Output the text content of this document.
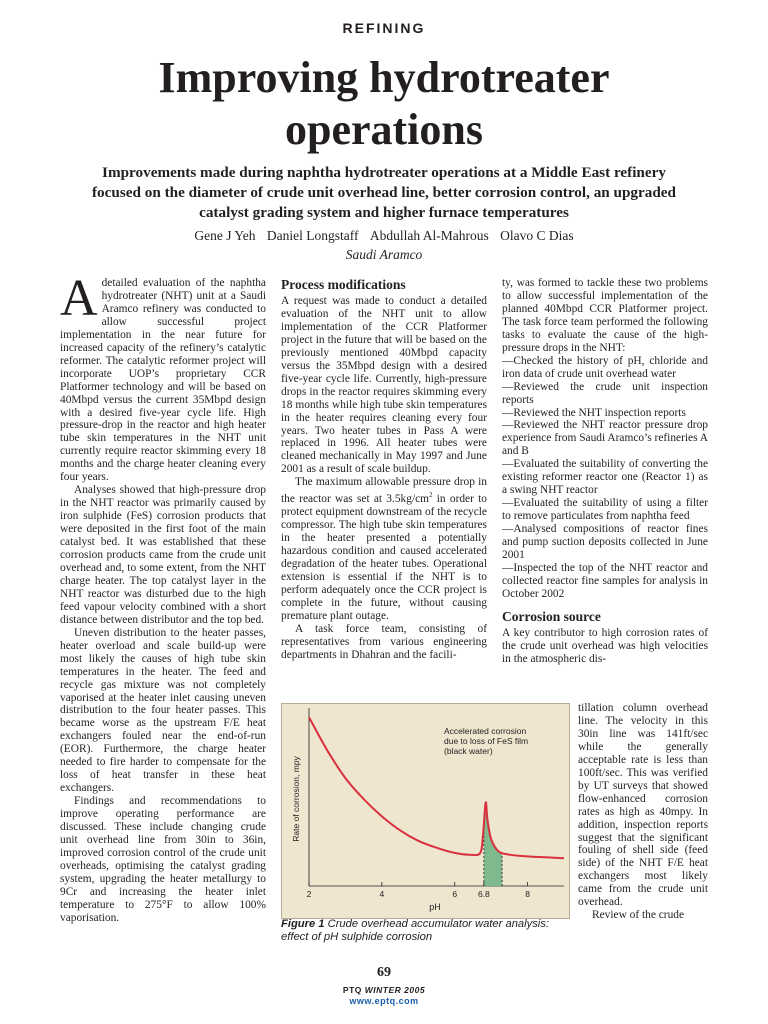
REFINING
Improving hydrotreater
operations
Improvements made during naphtha hydrotreater operations at a Middle East refinery focused on the diameter of crude unit overhead line, better corrosion control, an upgraded catalyst grading system and higher furnace temperatures
Gene J Yeh Daniel Longstaff Abdullah Al-Mahrous Olavo C Dias
Saudi Aramco

Adetailed evaluation of the naphtha hydrotreater (NHT) unit at a Saudi Aramco refinery was conducted to allow successful project implementation in the near future for increased capacity of the refinery’s catalytic reformer. The catalytic reformer project will incorporate UOP’s proprietary CCR Platformer technology and will be based on 40Mbpd versus the current 35Mbpd design with a desired five-year cycle life. High pressure-drop in the reactor and high heater tube skin temperatures in the NHT unit currently require reactor skimming every 18 months and the charge heater cleaning every four years.

Analyses showed that high-pressure drop in the NHT reactor was primarily caused by iron sulphide (FeS) corrosion products that were deposited in the first foot of the main catalyst bed. It was established that these corrosion products came from the crude unit overhead and, to some extent, from the NHT charge heater. The top catalyst layer in the NHT reactor was disturbed due to the high feed vapour velocity combined with a short distance between distributor and the top bed.

Uneven distribution to the heater passes, heater overload and scale build-up were most likely the causes of high tube skin temperatures in the heater. The feed and recycle gas mixture was not completely vaporised at the heater inlet causing uneven distribution to the four heater passes. This became worse as the upstream F/E heat exchangers fouled near the end-of-run (EOR). Furthermore, the charge heater needed to fire harder to compensate for the loss of heat transfer in these heat exchangers.

Findings and recommendations to improve operating performance are discussed. These include changing crude unit overhead line from 30in to 36in, improved corrosion control of the crude unit overheads, optimising the catalyst grading system, upgrading the heater metallurgy to 9Cr and increasing the heater inlet temperature to 275°F to allow 100% vaporisation.

Process modifications

A request was made to conduct a detailed evaluation of the NHT unit to allow implementation of the CCR Platformer project in the future that will be based on the previously mentioned 40Mbpd capacity versus the 35Mbpd design with a desired five-year cycle life. Currently, high-pressure drops in the reactor requires skimming every 18 months while high tube skin temperatures in the heater requires cleaning every four years. Two heater tubes in Pass A were replaced in 1996. All heater tubes were cleaned mechanically in May 1997 and June 2001 as a result of scale buildup.

The maximum allowable pressure drop in the reactor was set at $3.5kg/cm^2$ in order to protect equipment downstream of the recycle compressor. The high tube skin temperatures in the heater presented a potentially hazardous condition and caused accelerated degradation of the heater tubes. Operational extension is essential if the NHT is to perform adequately once the CCR project is complete in the future, without causing premature plant outage.

A task force team, consisting of representatives from various engineering departments in Dhahran and the facili-

ty, was formed to tackle these two problems to allow successful implementation of the planned 40Mbpd CCR Platformer project. The task force team performed the following tasks to evaluate the cause of the high- pressure drops in the NHT:

—Checked the history of pH, chloride and iron data of crude unit overhead water

—Reviewed the crude unit inspection reports

—Reviewed the NHT inspection reports

—Reviewed the NHT reactor pressure drop experience from Saudi Aramco’s refineries A and B

—Evaluated the suitability of converting the existing reformer reactor one (Reactor 1) as a swing NHT reactor

—Evaluated the suitability of using a filter to remove particulates from naphtha feed

—Analysed compositions of reactor fines and pump suction deposits collected in June 2001

—Inspected the top of the NHT reactor and collected reactor fine samples for analysis in October 2002

Corrosion source

A key contributor to high corrosion rates of the crude unit overhead was high velocities in the atmospheric dis-

tillation column overhead line. The velocity in this 30in line was 141ft/sec while the generally acceptable rate is less than 100ft/sec. This was verified by UT surveys that showed flow-enhanced corrosion rates as high as 40mpy. In addition, inspection reports suggest that the significant fouling of shell side (feed side) of the NHT F/E heat exchangers most likely came from the crude unit overhead.

Review of the crude

2	4	6 6.8	8
pH
Rate of corrosion, mpy
Accelerated corrosion due to loss of FeS film (black water)
Figure 1 Crude overhead accumulator water analysis: effect of pH sulphide corrosion
69
PTQ WINTER 2005
www.eptq.com
